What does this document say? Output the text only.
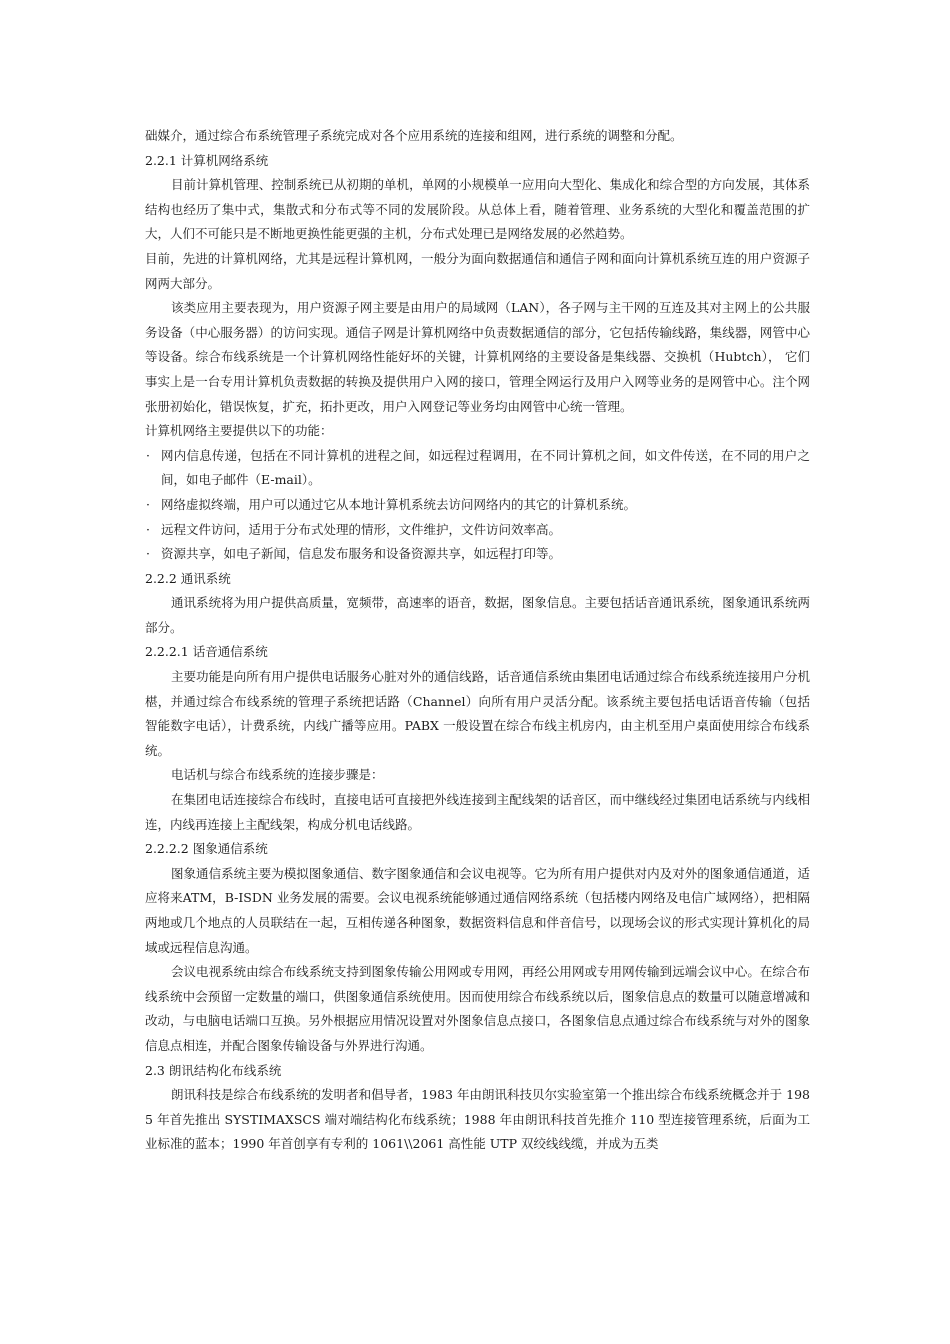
础媒介，通过综合布系统管理子系统完成对各个应用系统的连接和组网，进行系统的调整和分配。

2.2.1 计算机网络系统

目前计算机管理、控制系统已从初期的单机，单网的小规模单一应用向大型化、集成化和综合型的方向发展，其体系结构也经历了集中式，集散式和分布式等不同的发展阶段。从总体上看，随着管理、业务系统的大型化和覆盖范围的扩大，人们不可能只是不断地更换性能更强的主机，分布式处理已是网络发展的必然趋势。

目前，先进的计算机网络，尤其是远程计算机网，一般分为面向数据通信和通信子网和面向计算机系统互连的用户资源子网两大部分。

该类应用主要表现为，用户资源子网主要是由用户的局域网（LAN），各子网与主干网的互连及其对主网上的公共服务设备（中心服务器）的访问实现。通信子网是计算机网络中负责数据通信的部分，它包括传输线路，集线器，网管中心等设备。综合布线系统是一个计算机网络性能好坏的关键，计算机网络的主要设备是集线器、交换机（Hubtch）， 它们事实上是一台专用计算机负责数据的转换及提供用户入网的接口，管理全网运行及用户入网等业务的是网管中心。注个网张册初始化，错误恢复，扩充，拓扑更改，用户入网登记等业务均由网管中心统一管理。

计算机网络主要提供以下的功能：

· 网内信息传递，包括在不同计算机的进程之间，如远程过程调用，在不同计算机之间，如文件传送，在不同的用户之间，如电子邮件（E-mail）。

· 网络虚拟终端，用户可以通过它从本地计算机系统去访问网络内的其它的计算机系统。

· 远程文件访问，适用于分布式处理的情形，文件维护，文件访问效率高。

· 资源共享，如电子新闻，信息发布服务和设备资源共享，如远程打印等。

2.2.2 通讯系统

通讯系统将为用户提供高质量，宽频带，高速率的语音，数据，图象信息。主要包括话音通讯系统，图象通讯系统两部分。

2.2.2.1 话音通信系统

主要功能是向所有用户提供电话服务心脏对外的通信线路，话音通信系统由集团电话通过综合布线系统连接用户分机椹，并通过综合布线系统的管理子系统把话路（Channel）向所有用户灵活分配。该系统主要包括电话语音传输（包括智能数字电话），计费系统，内线广播等应用。PABX 一般设置在综合布线主机房内，由主机至用户桌面使用综合布线系统。

电话机与综合布线系统的连接步骤是：

在集团电话连接综合布线时，直接电话可直接把外线连接到主配线架的话音区，而中继线经过集团电话系统与内线相连，内线再连接上主配线架，构成分机电话线路。

2.2.2.2 图象通信系统

图象通信系统主要为模拟图象通信、数字图象通信和会议电视等。它为所有用户提供对内及对外的图象通信通道，适应将来ATM，B-ISDN 业务发展的需要。会议电视系统能够通过通信网络系统（包括楼内网络及电信广域网络），把相隔两地或几个地点的人员联结在一起，互相传递各种图象，数据资料信息和伴音信号，以现场会议的形式实现计算机化的局域或远程信息沟通。

会议电视系统由综合布线系统支持到图象传输公用网或专用网，再经公用网或专用网传输到远端会议中心。在综合布线系统中会预留一定数量的端口，供图象通信系统使用。因而使用综合布线系统以后，图象信息点的数量可以随意增减和改动，与电脑电话端口互换。另外根据应用情况设置对外图象信息点接口，各图象信息点通过综合布线系统与对外的图象信息点相连，并配合图象传输设备与外界进行沟通。

2.3 朗讯结构化布线系统

朗讯科技是综合布线系统的发明者和倡导者，1983 年由朗讯科技贝尔实验室第一个推出综合布线系统概念并于 1985 年首先推出 SYSTIMAXSCS 端对端结构化布线系统；1988 年由朗讯科技首先推介 110 型连接管理系统，后面为工业标准的蓝本；1990 年首创享有专利的 1061\\2061 高性能 UTP 双绞线线缆，并成为五类
